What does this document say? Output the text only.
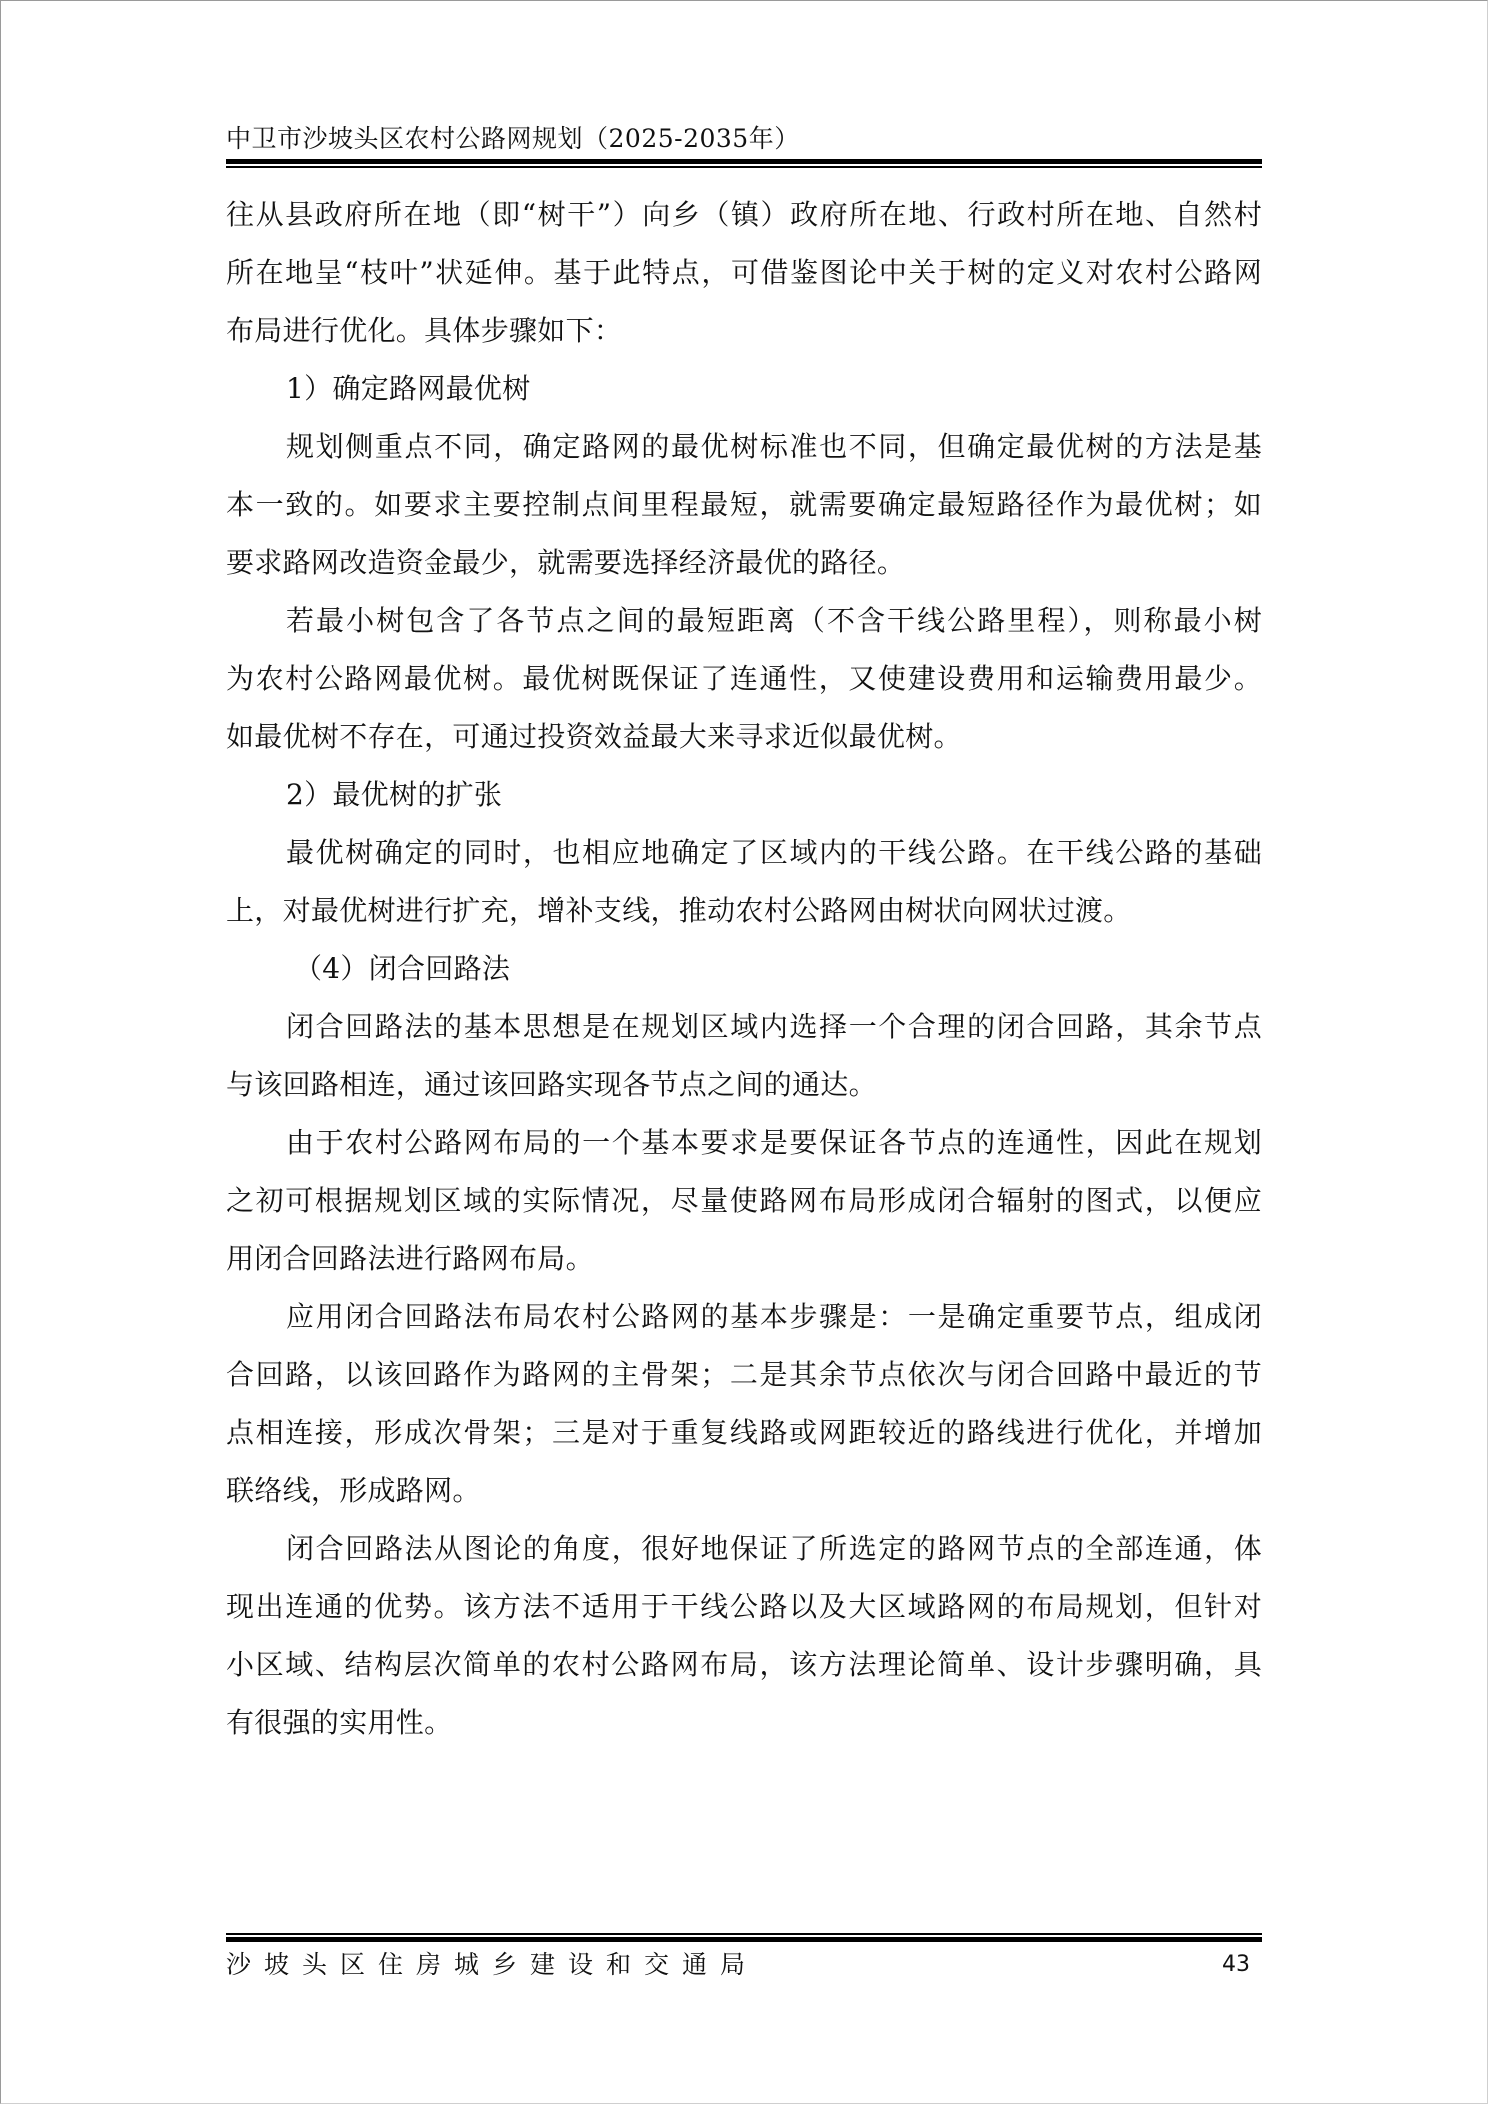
中卫市沙坡头区农村公路网规划（2025-2035年）
往从县政府所在地（即“树干”）向乡（镇）政府所在地、行政村所在地、自然村
所在地呈“枝叶”状延伸。基于此特点，可借鉴图论中关于树的定义对农村公路网
布局进行优化。具体步骤如下：
1）确定路网最优树
规划侧重点不同，确定路网的最优树标准也不同，但确定最优树的方法是基
本一致的。如要求主要控制点间里程最短，就需要确定最短路径作为最优树；如
要求路网改造资金最少，就需要选择经济最优的路径。
若最小树包含了各节点之间的最短距离（不含干线公路里程），则称最小树
为农村公路网最优树。最优树既保证了连通性，又使建设费用和运输费用最少。
如最优树不存在，可通过投资效益最大来寻求近似最优树。
2）最优树的扩张
最优树确定的同时，也相应地确定了区域内的干线公路。在干线公路的基础
上，对最优树进行扩充，增补支线，推动农村公路网由树状向网状过渡。
（4）闭合回路法
闭合回路法的基本思想是在规划区域内选择一个合理的闭合回路，其余节点
与该回路相连，通过该回路实现各节点之间的通达。
由于农村公路网布局的一个基本要求是要保证各节点的连通性，因此在规划
之初可根据规划区域的实际情况，尽量使路网布局形成闭合辐射的图式，以便应
用闭合回路法进行路网布局。
应用闭合回路法布局农村公路网的基本步骤是：一是确定重要节点，组成闭
合回路，以该回路作为路网的主骨架；二是其余节点依次与闭合回路中最近的节
点相连接，形成次骨架；三是对于重复线路或网距较近的路线进行优化，并增加
联络线，形成路网。
闭合回路法从图论的角度，很好地保证了所选定的路网节点的全部连通，体
现出连通的优势。该方法不适用于干线公路以及大区域路网的布局规划，但针对
小区域、结构层次简单的农村公路网布局，该方法理论简单、设计步骤明确，具
有很强的实用性。
沙坡头区住房城乡建设和交通局	43
